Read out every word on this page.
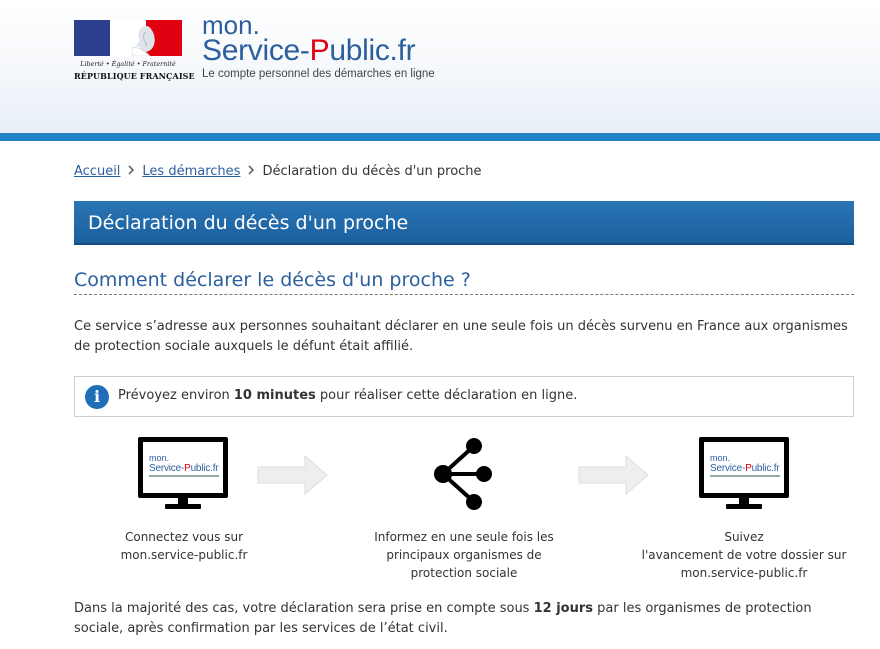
Liberté • Égalité • Fraternité
RÉPUBLIQUE FRANÇAISE
mon.
Service-Public.fr
Le compte personnel des démarches en ligne
Accueil Les démarches Déclaration du décès d'un proche
Déclaration du décès d'un proche
Comment déclarer le décès d'un proche ?

Ce service s’adresse aux personnes souhaitant déclarer en une seule fois un décès survenu en France aux organismes de protection sociale auxquels le défunt était affilié.

i	Prévoyez environ 10 minutes pour réaliser cette déclaration en ligne.
mon.
Service-Public.fr
Connectez vous sur
mon.service-public.fr
Informez en une seule fois les
principaux organismes de
protection sociale
mon.
Service-Public.fr
Suivez
l'avancement de votre dossier sur
mon.service-public.fr

Dans la majorité des cas, votre déclaration sera prise en compte sous 12 jours par les organismes de protection sociale, après confirmation par les services de l’état civil.
